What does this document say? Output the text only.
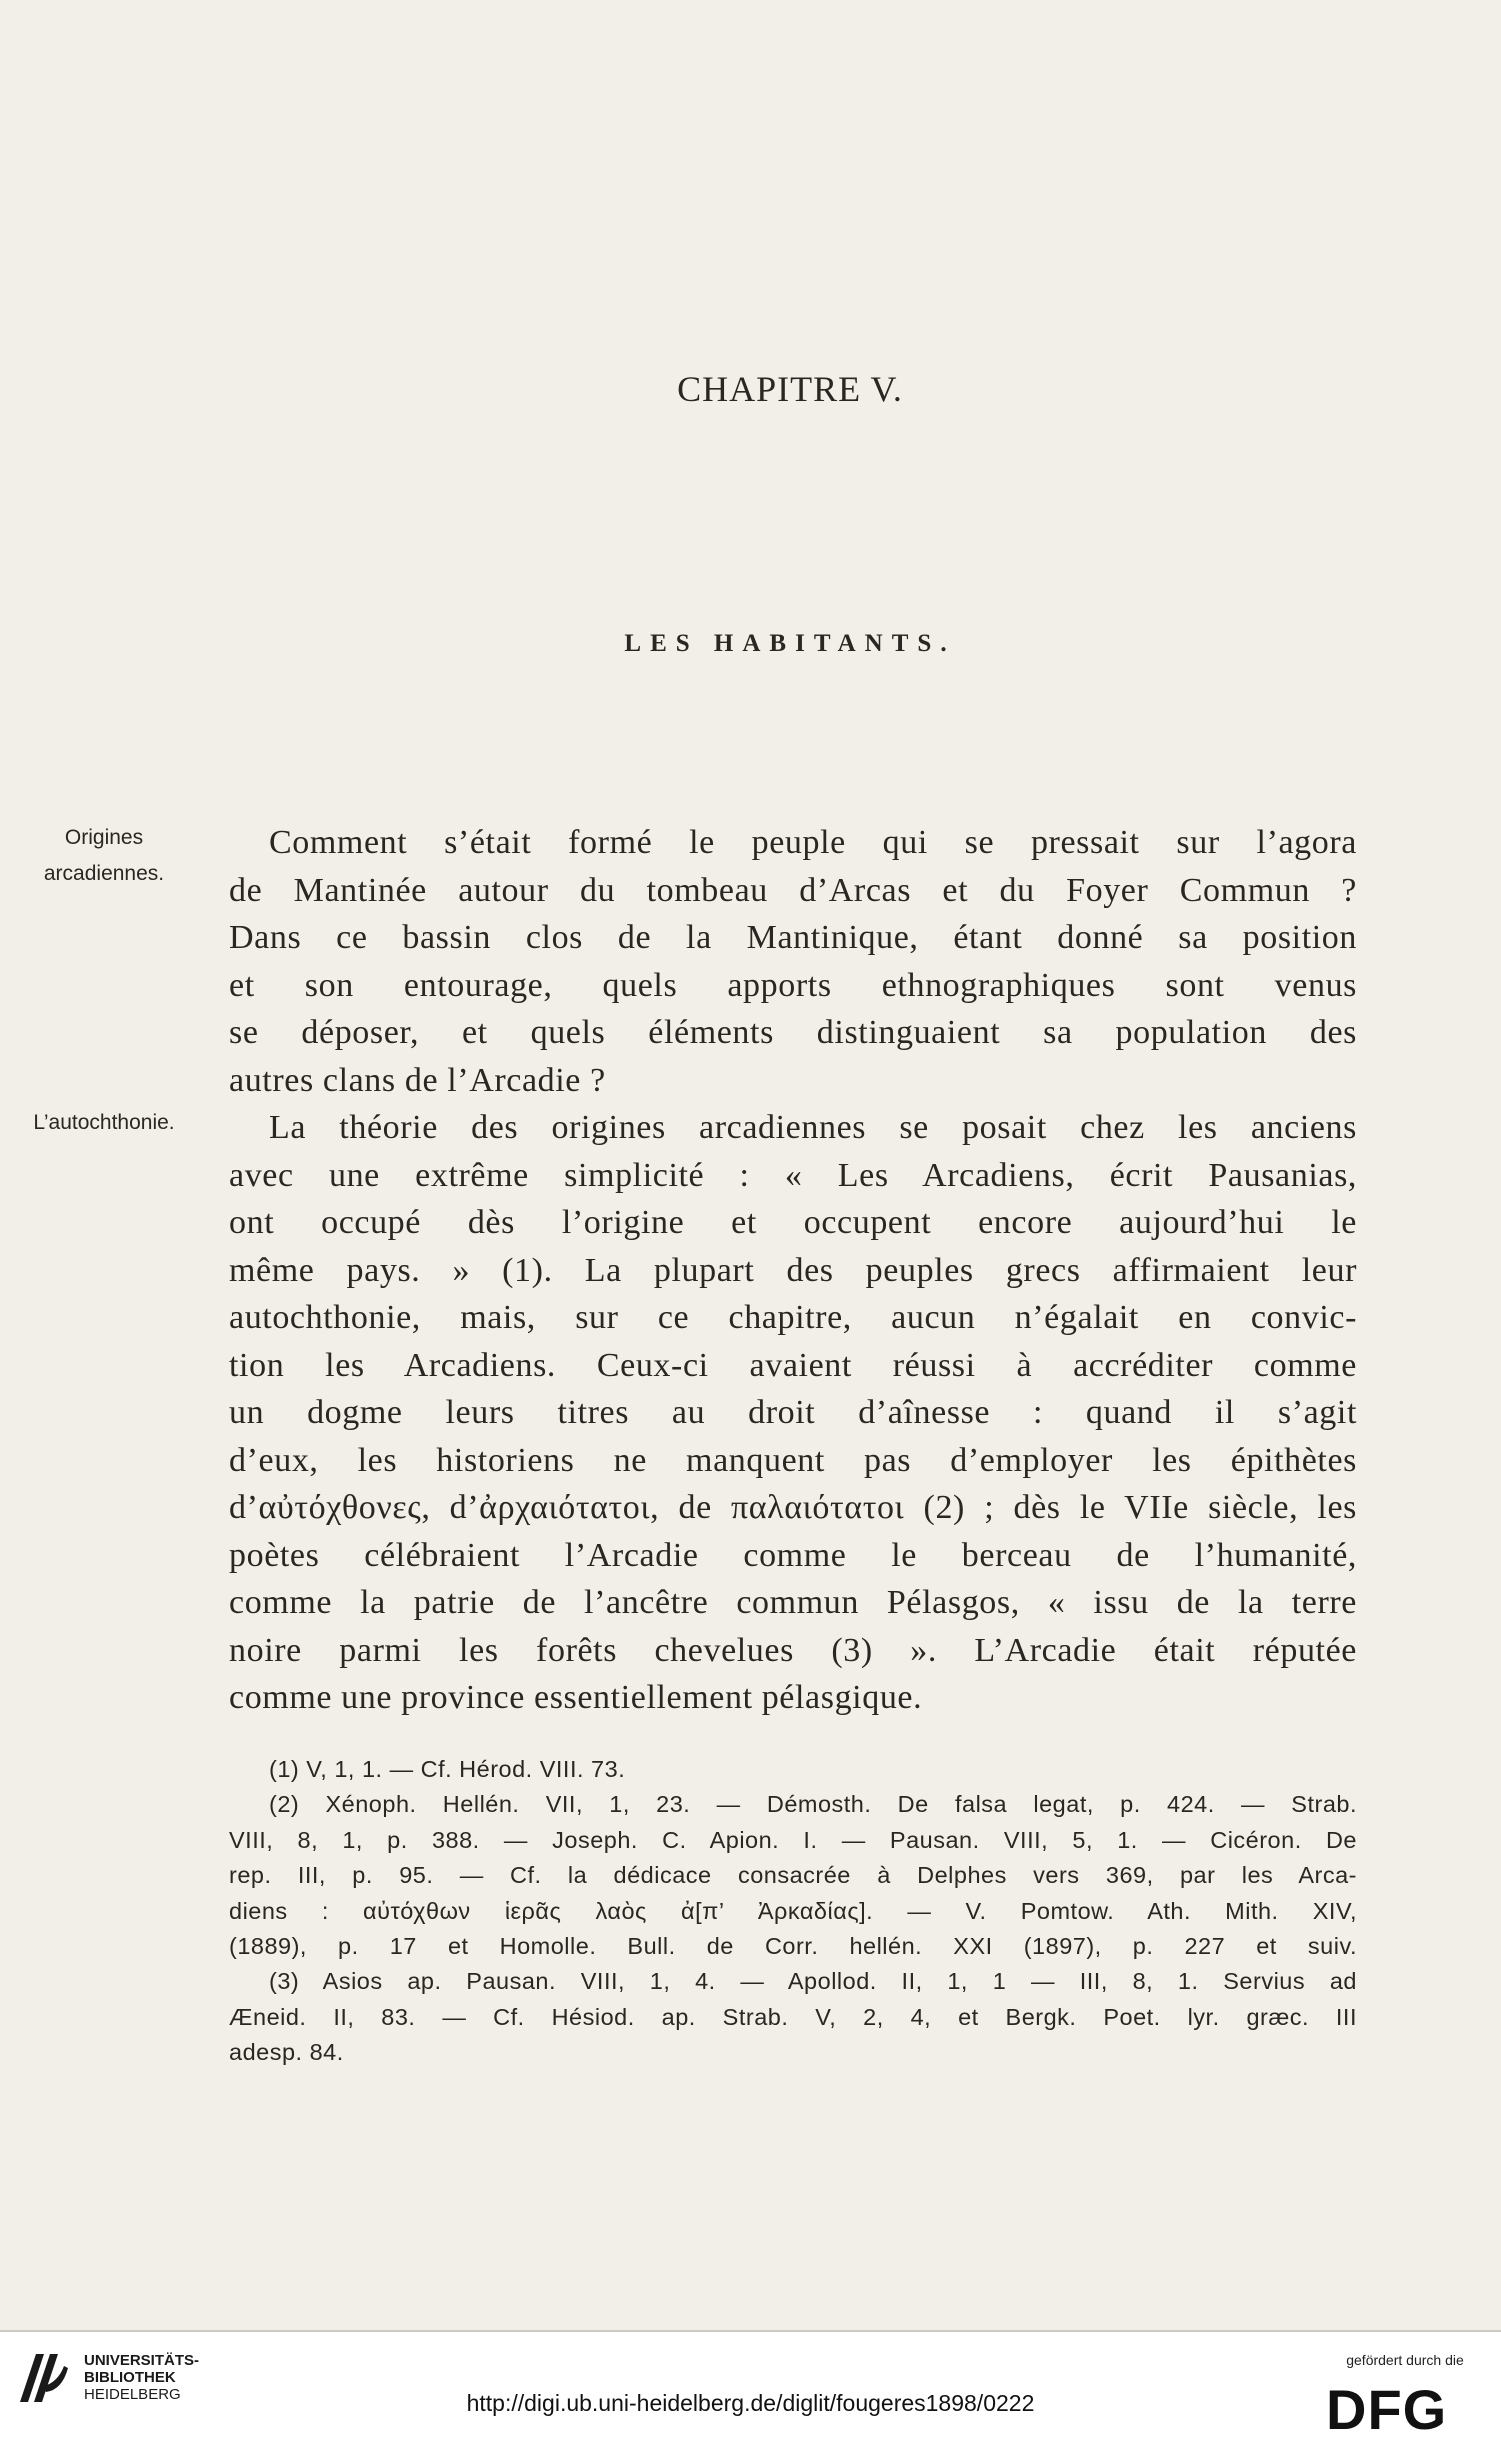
CHAPITRE V.
LES HABITANTS.
Origines
arcadiennes.
L’autochthonie.
Comment s’était formé le peuple qui se pressait sur l’agora
de Mantinée autour du tombeau d’Arcas et du Foyer Commun ?
Dans ce bassin clos de la Mantinique, étant donné sa position
et son entourage, quels apports ethnographiques sont venus
se déposer, et quels éléments distinguaient sa population des
autres clans de l’Arcadie ?
La théorie des origines arcadiennes se posait chez les anciens
avec une extrême simplicité : « Les Arcadiens, écrit Pausanias,
ont occupé dès l’origine et occupent encore aujourd’hui le
même pays. » (1). La plupart des peuples grecs affirmaient leur
autochthonie, mais, sur ce chapitre, aucun n’égalait en convic-
tion les Arcadiens. Ceux-ci avaient réussi à accréditer comme
un dogme leurs titres au droit d’aînesse : quand il s’agit
d’eux, les historiens ne manquent pas d’employer les épithètes
d’αὐτόχθονες, d’ἀρχαιότατοι, de παλαιότατοι (2) ; dès le VIIe siècle, les
poètes célébraient l’Arcadie comme le berceau de l’humanité,
comme la patrie de l’ancêtre commun Pélasgos, « issu de la terre
noire parmi les forêts chevelues (3) ». L’Arcadie était réputée
comme une province essentiellement pélasgique.
(1) V, 1, 1. — Cf. Hérod. VIII. 73.
(2) Xénoph. Hellén. VII, 1, 23. — Démosth. De falsa legat, p. 424. — Strab.
VIII, 8, 1, p. 388. — Joseph. C. Apion. I. — Pausan. VIII, 5, 1. — Cicéron. De
rep. III, p. 95. — Cf. la dédicace consacrée à Delphes vers 369, par les Arca-
diens : αὐτόχθων ἱερᾶς λαὸς ἀ[π’ Ἀρκαδίας]. — V. Pomtow. Ath. Mith. XIV,
(1889), p. 17 et Homolle. Bull. de Corr. hellén. XXI (1897), p. 227 et suiv.
(3) Asios ap. Pausan. VIII, 1, 4. — Apollod. II, 1, 1 — III, 8, 1. Servius ad
Æneid. II, 83. — Cf. Hésiod. ap. Strab. V, 2, 4, et Bergk. Poet. lyr. græc. III
adesp. 84.
UNIVERSITÄTS-
BIBLIOTHEK
HEIDELBERG	http://digi.ub.uni-heidelberg.de/diglit/fougeres1898/0222
gefördert durch die
DFG
